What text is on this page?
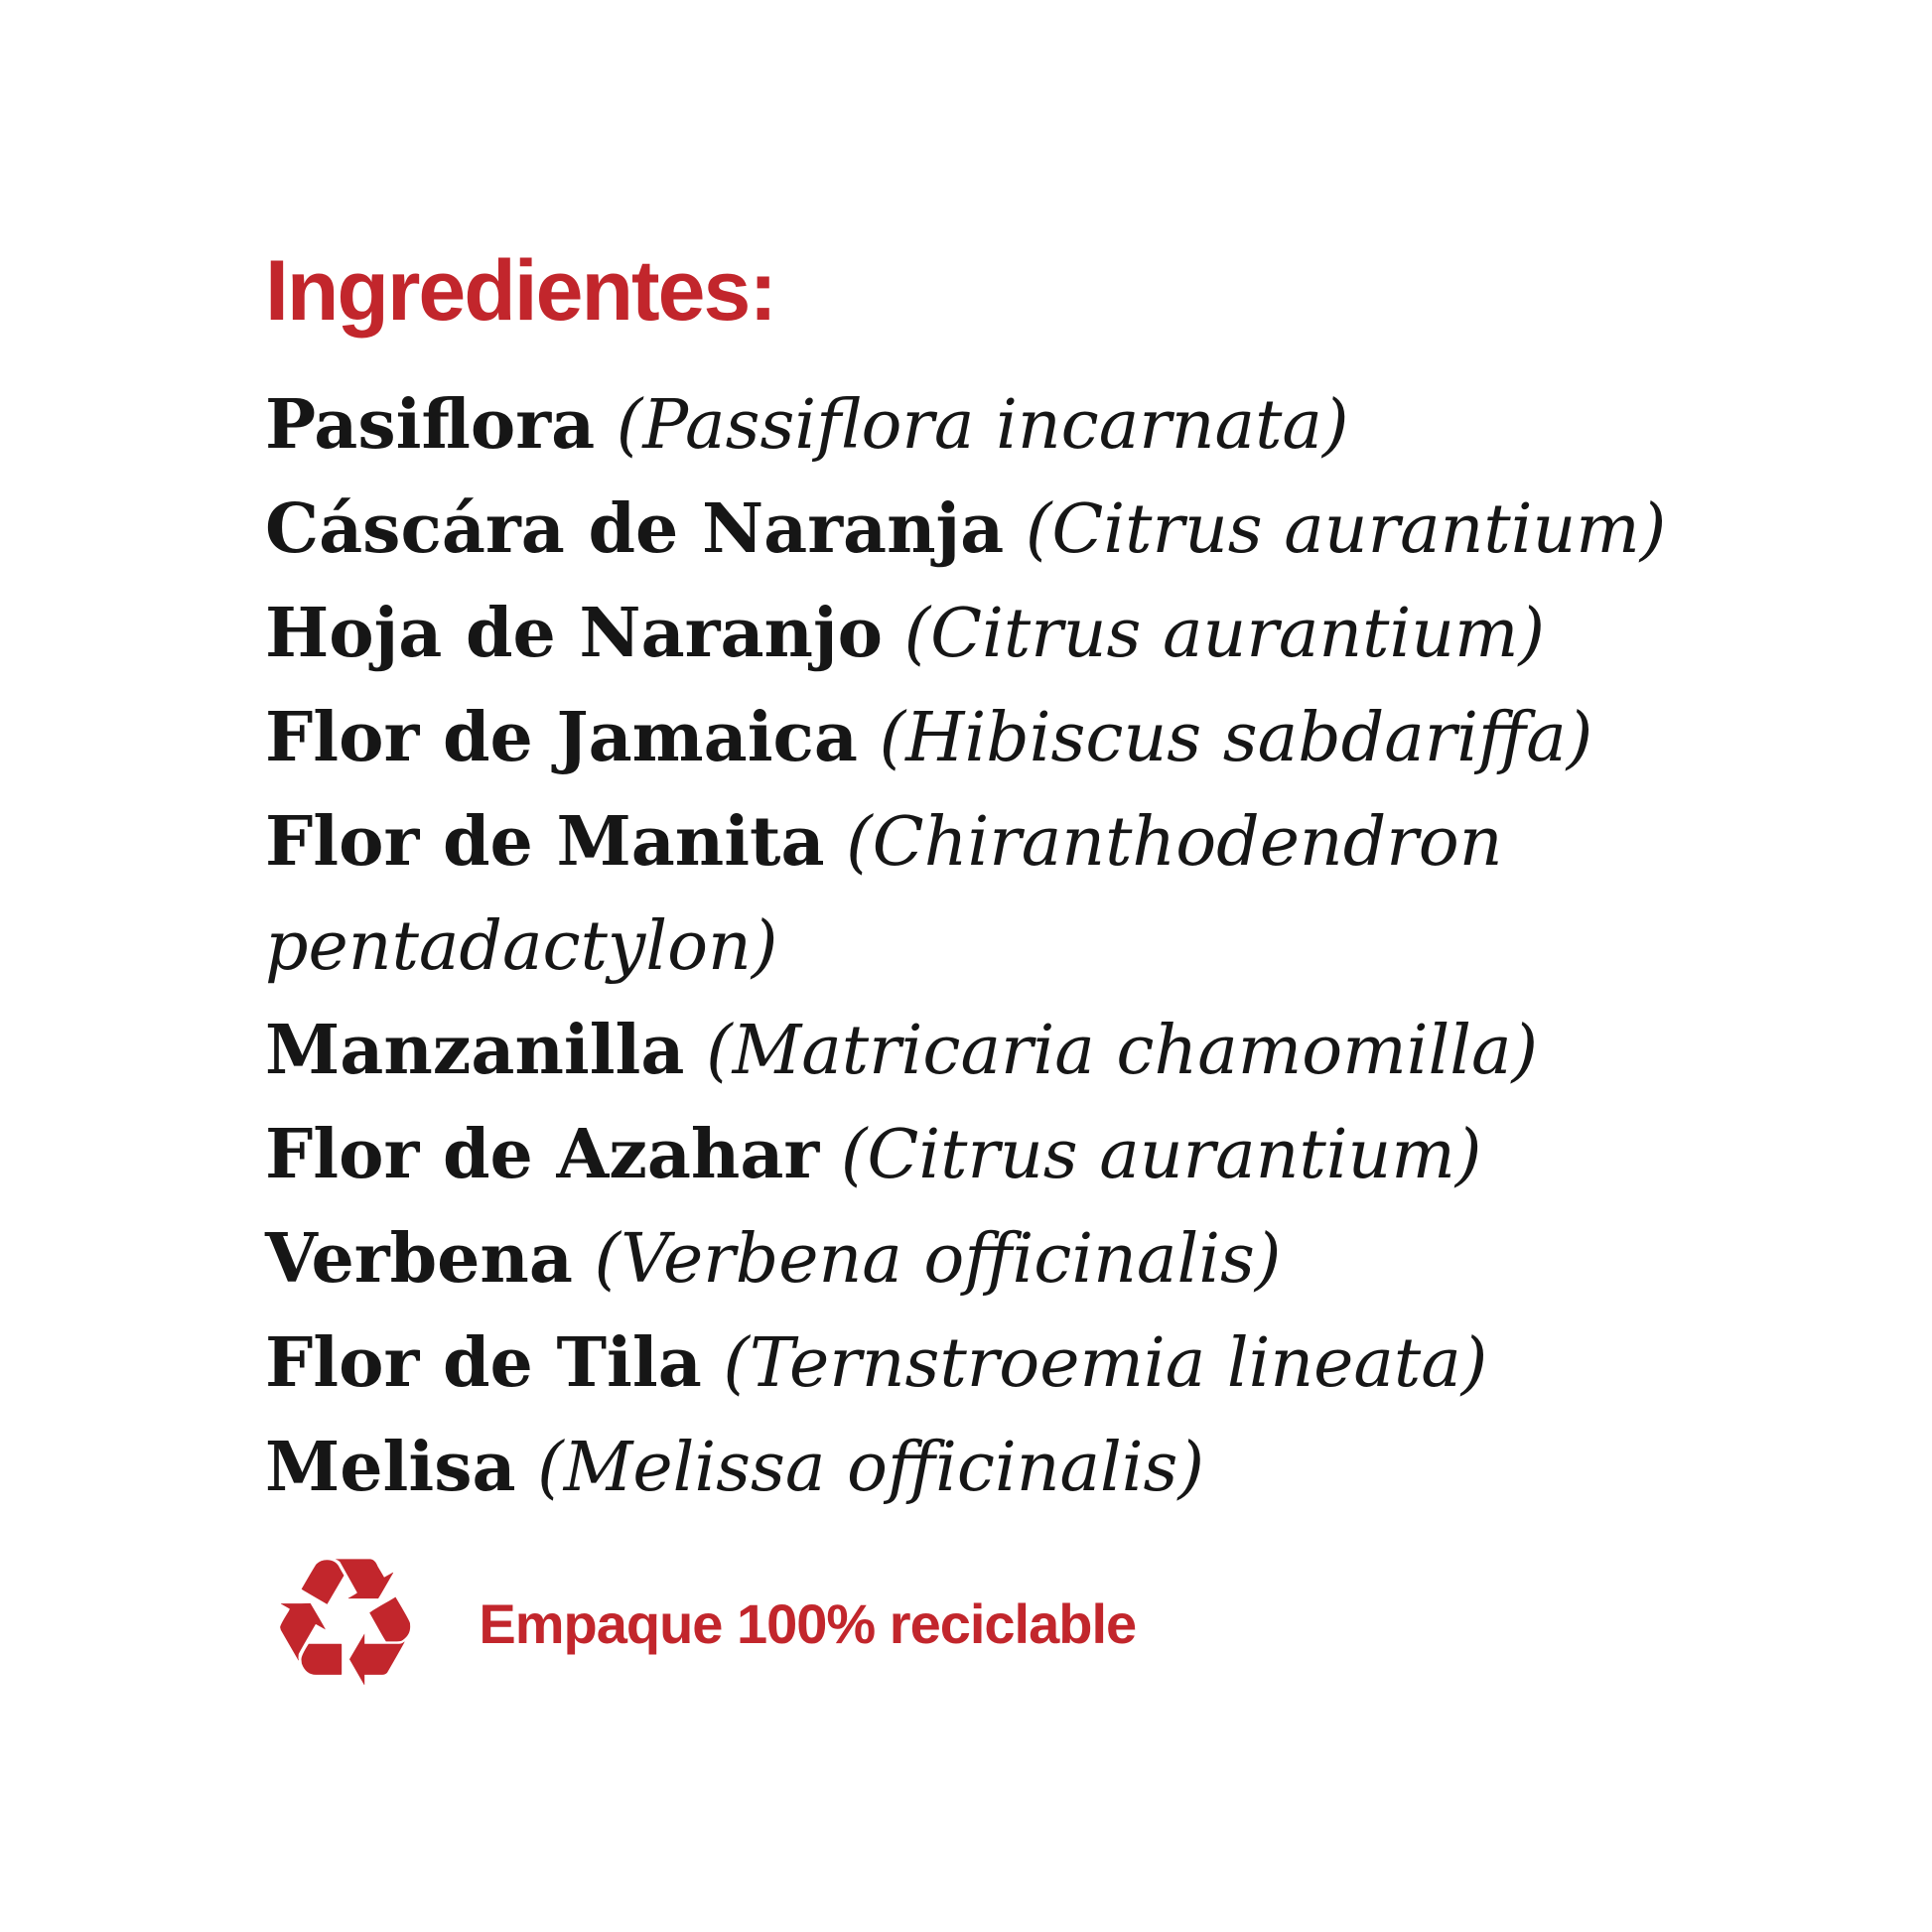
Ingredientes:
Pasiflora (Passiflora incarnata)
Cáscára de Naranja (Citrus aurantium)
Hoja de Naranjo (Citrus aurantium)
Flor de Jamaica (Hibiscus sabdariffa)
Flor de Manita (Chiranthodendron pentadactylon)
Manzanilla (Matricaria chamomilla)
Flor de Azahar (Citrus aurantium)
Verbena (Verbena officinalis)
Flor de Tila (Ternstroemia lineata)
Melisa (Melissa officinalis)
♻ Empaque 100% reciclable
